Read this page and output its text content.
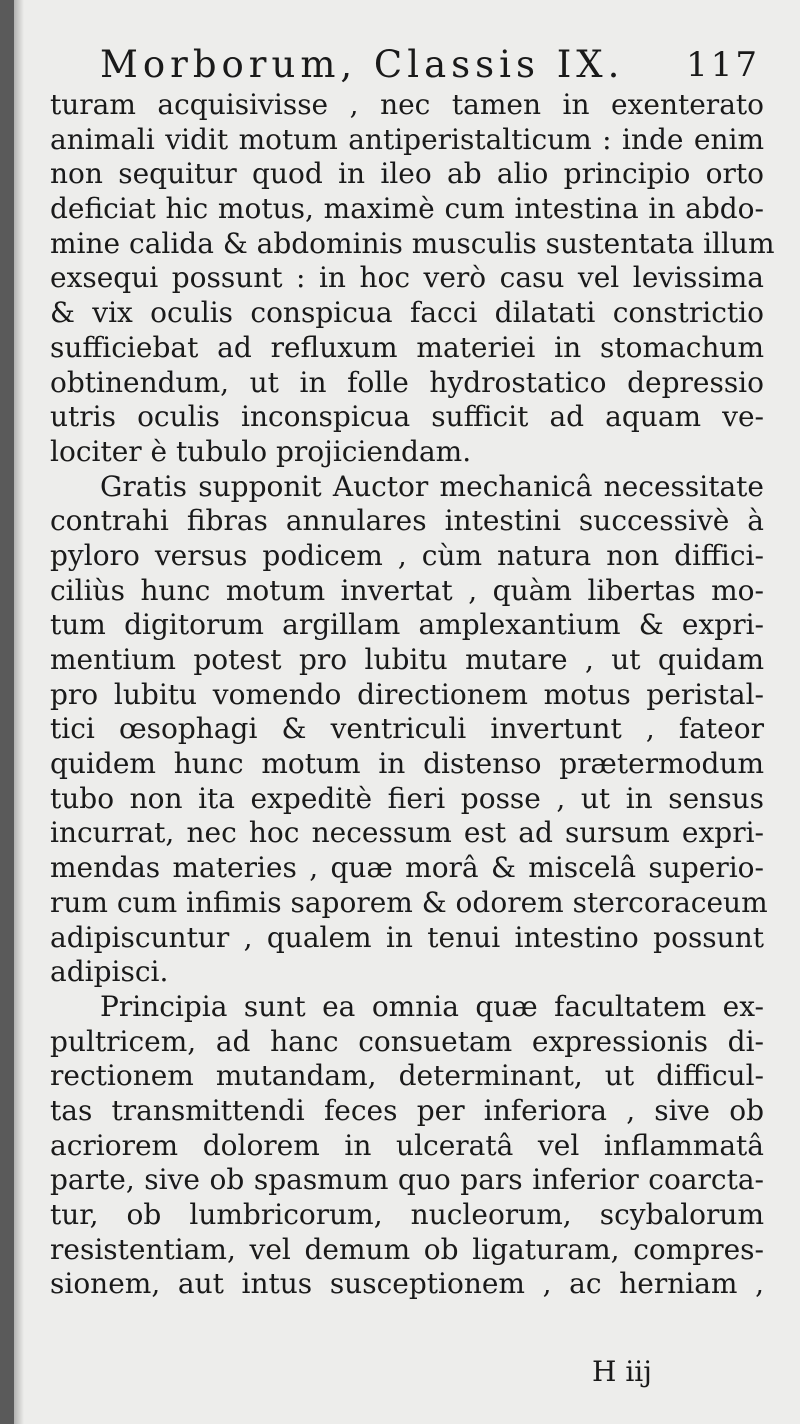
Morborum, Classis IX. 117
turam acquisivisse , nec tamen in exenterato
animali vidit motum antiperistalticum : inde enim
non sequitur quod in ileo ab alio principio orto
deficiat hic motus, maximè cum intestina in abdo-
mine calida & abdominis musculis sustentata illum
exsequi possunt : in hoc verò casu vel levissima
& vix oculis conspicua facci dilatati constrictio
sufficiebat ad refluxum materiei in stomachum
obtinendum, ut in folle hydrostatico depressio
utris oculis inconspicua sufficit ad aquam ve-
lociter è tubulo projiciendam.
Gratis supponit Auctor mechanicâ necessitate
contrahi fibras annulares intestini successivè à
pyloro versus podicem , cùm natura non diffici-
ciliùs hunc motum invertat , quàm libertas mo-
tum digitorum argillam amplexantium & expri-
mentium potest pro lubitu mutare , ut quidam
pro lubitu vomendo directionem motus peristal-
tici œsophagi & ventriculi invertunt , fateor
quidem hunc motum in distenso prætermodum
tubo non ita expeditè fieri posse , ut in sensus
incurrat, nec hoc necessum est ad sursum expri-
mendas materies , quæ morâ & miscelâ superio-
rum cum infimis saporem & odorem stercoraceum
adipiscuntur , qualem in tenui intestino possunt
adipisci.
Principia sunt ea omnia quæ facultatem ex-
pultricem, ad hanc consuetam expressionis di-
rectionem mutandam, determinant, ut difficul-
tas transmittendi feces per inferiora , sive ob
acriorem dolorem in ulceratâ vel inflammatâ
parte, sive ob spasmum quo pars inferior coarcta-
tur, ob lumbricorum, nucleorum, scybalorum
resistentiam, vel demum ob ligaturam, compres-
sionem, aut intus susceptionem , ac herniam ,
H iij
